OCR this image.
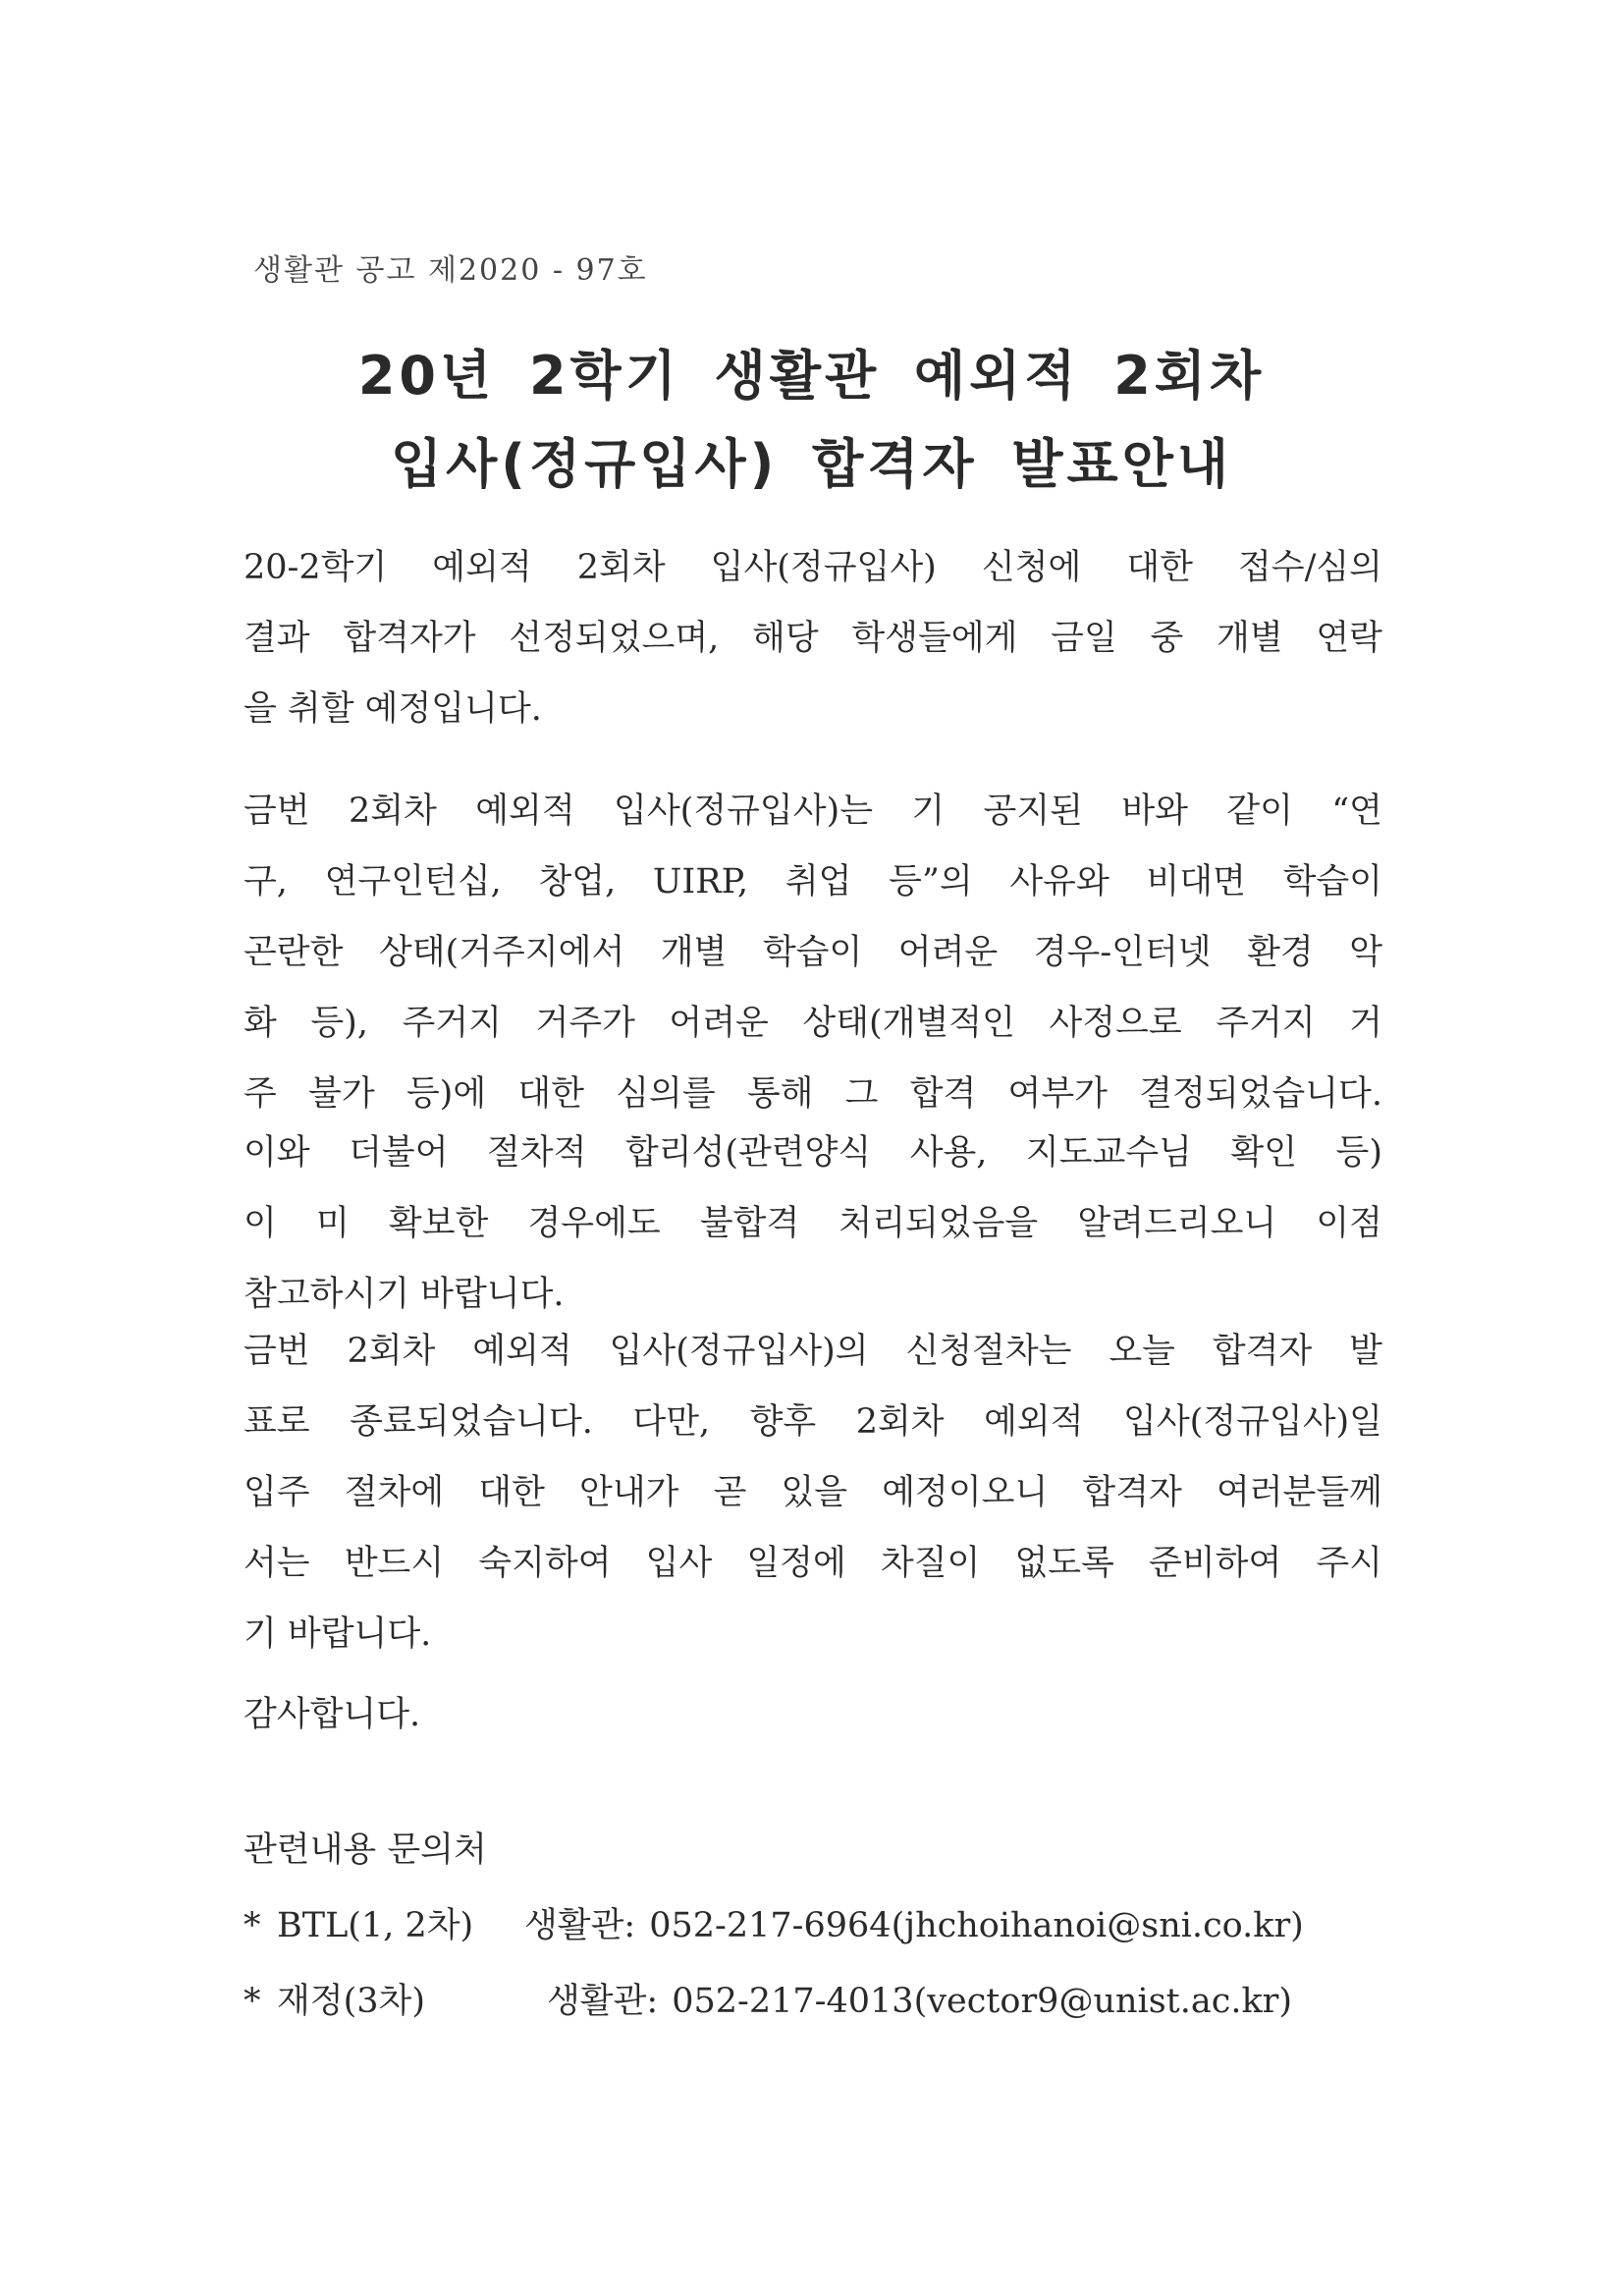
생활관 공고 제2020 - 97호
20년 2학기 생활관 예외적 2회차
입사(정규입사) 합격자 발표안내
20-2학기 예외적 2회차 입사(정규입사) 신청에 대한 접수/심의
결과 합격자가 선정되었으며, 해당 학생들에게 금일 중 개별 연락
을 취할 예정입니다.
금번 2회차 예외적 입사(정규입사)는 기 공지된 바와 같이 “연
구, 연구인턴십, 창업, UIRP, 취업 등”의 사유와 비대면 학습이
곤란한 상태(거주지에서 개별 학습이 어려운 경우-인터넷 환경 악
화 등), 주거지 거주가 어려운 상태(개별적인 사정으로 주거지 거
주 불가 등)에 대한 심의를 통해 그 합격 여부가 결정되었습니다.
이와 더불어 절차적 합리성(관련양식 사용, 지도교수님 확인 등)
이 미 확보한 경우에도 불합격 처리되었음을 알려드리오니 이점
참고하시기 바랍니다.
금번 2회차 예외적 입사(정규입사)의 신청절차는 오늘 합격자 발
표로 종료되었습니다. 다만, 향후 2회차 예외적 입사(정규입사)일
입주 절차에 대한 안내가 곧 있을 예정이오니 합격자 여러분들께
서는 반드시 숙지하여 입사 일정에 차질이 없도록 준비하여 주시
기 바랍니다.
감사합니다.
관련내용 문의처
* BTL(1, 2차) 생활관: 052-217-6964(jhchoihanoi@sni.co.kr)
* 재정(3차)	생활관: 052-217-4013(vector9@unist.ac.kr)
